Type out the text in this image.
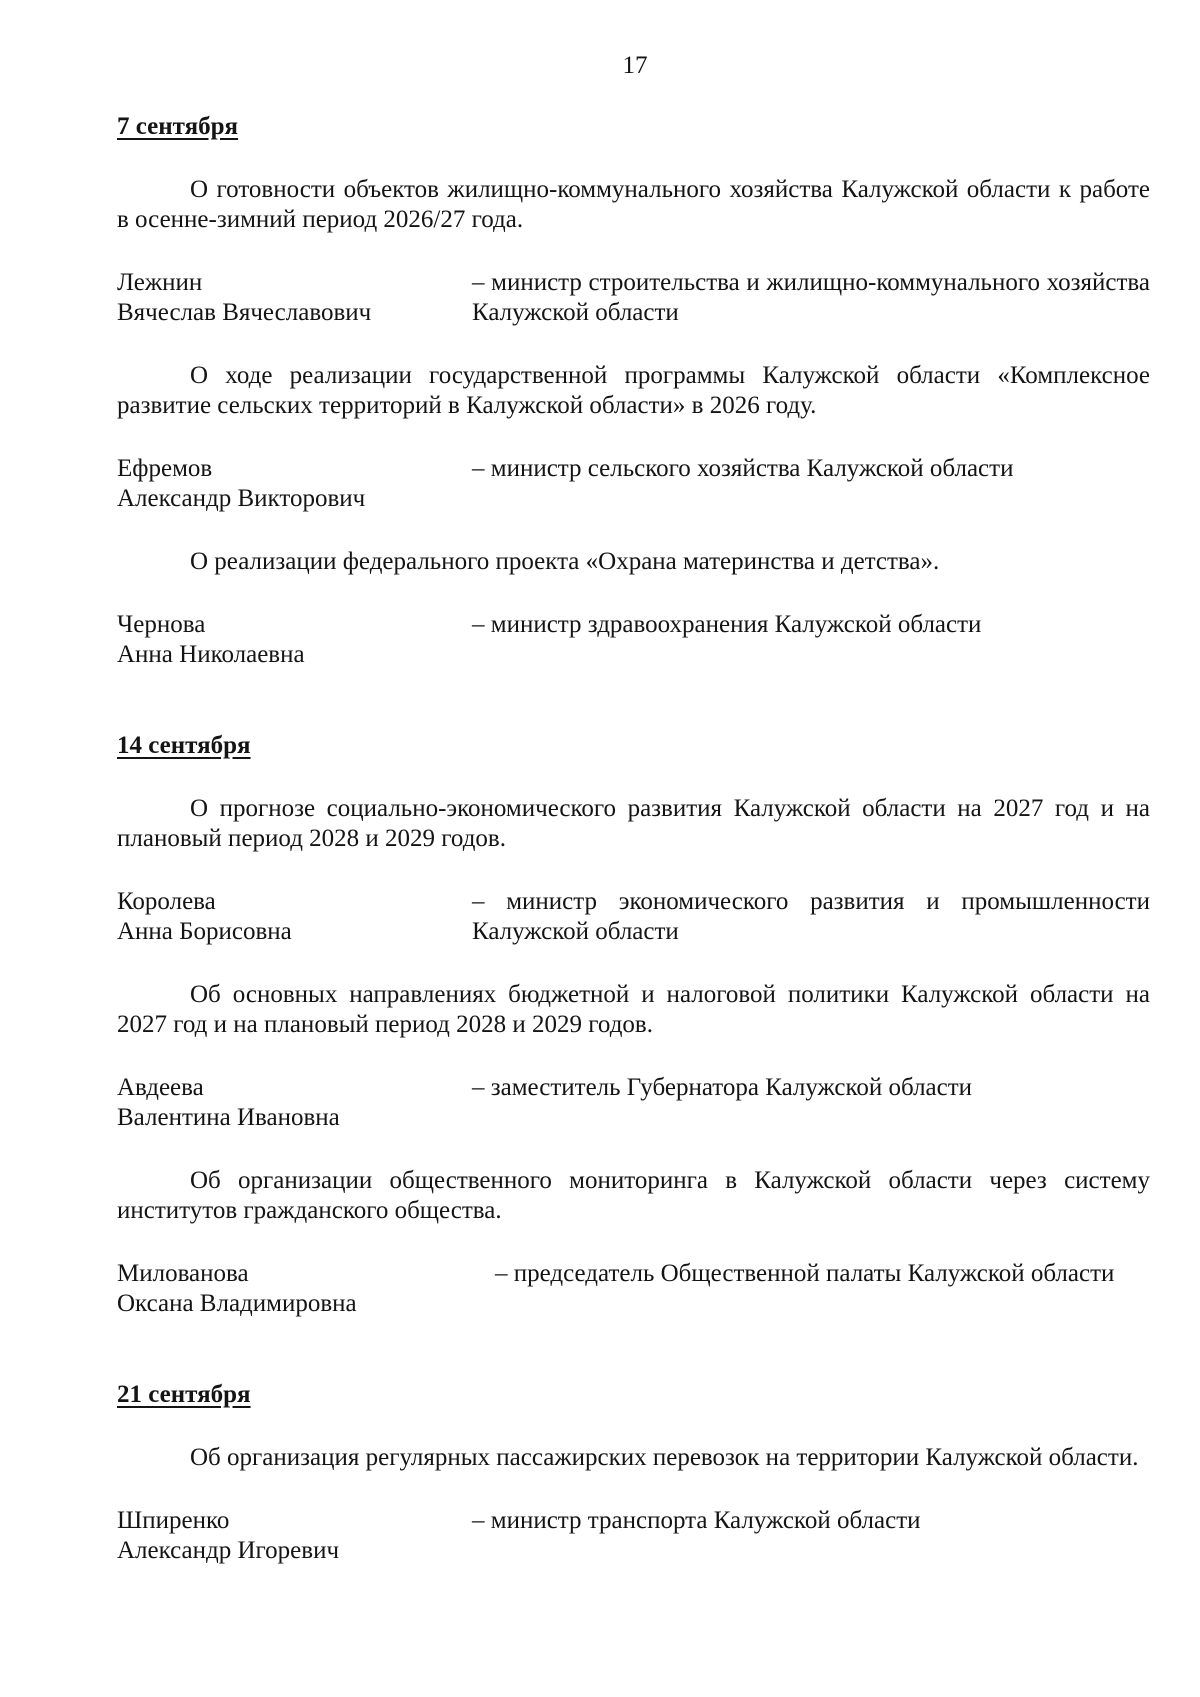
17

7 сентября

О готовности объектов жилищно-коммунального хозяйства Калужской области к работе в осенне-зимний период 2026/27 года.

Лежнин
Вячеслав Вячеславович
– министр строительства и жилищно-коммунального хозяйства Калужской области

О ходе реализации государственной программы Калужской области «Комплексное развитие сельских территорий в Калужской области» в 2026 году.

Ефремов
Александр Викторович
– министр сельского хозяйства Калужской области

О реализации федерального проекта «Охрана материнства и детства».

Чернова
Анна Николаевна
– министр здравоохранения Калужской области

14 сентября

О прогнозе социально-экономического развития Калужской области на 2027 год и на плановый период 2028 и 2029 годов.

Королева
Анна Борисовна
– министр экономического развития и промышленности Калужской области

Об основных направлениях бюджетной и налоговой политики Калужской области на 2027 год и на плановый период 2028 и 2029 годов.

Авдеева
Валентина Ивановна
– заместитель Губернатора Калужской области

Об организации общественного мониторинга в Калужской области через систему институтов гражданского общества.

Милованова
Оксана Владимировна
– председатель Общественной палаты Калужской области

21 сентября

Об организация регулярных пассажирских перевозок на территории Калужской области.

Шпиренко
Александр Игоревич
– министр транспорта Калужской области
